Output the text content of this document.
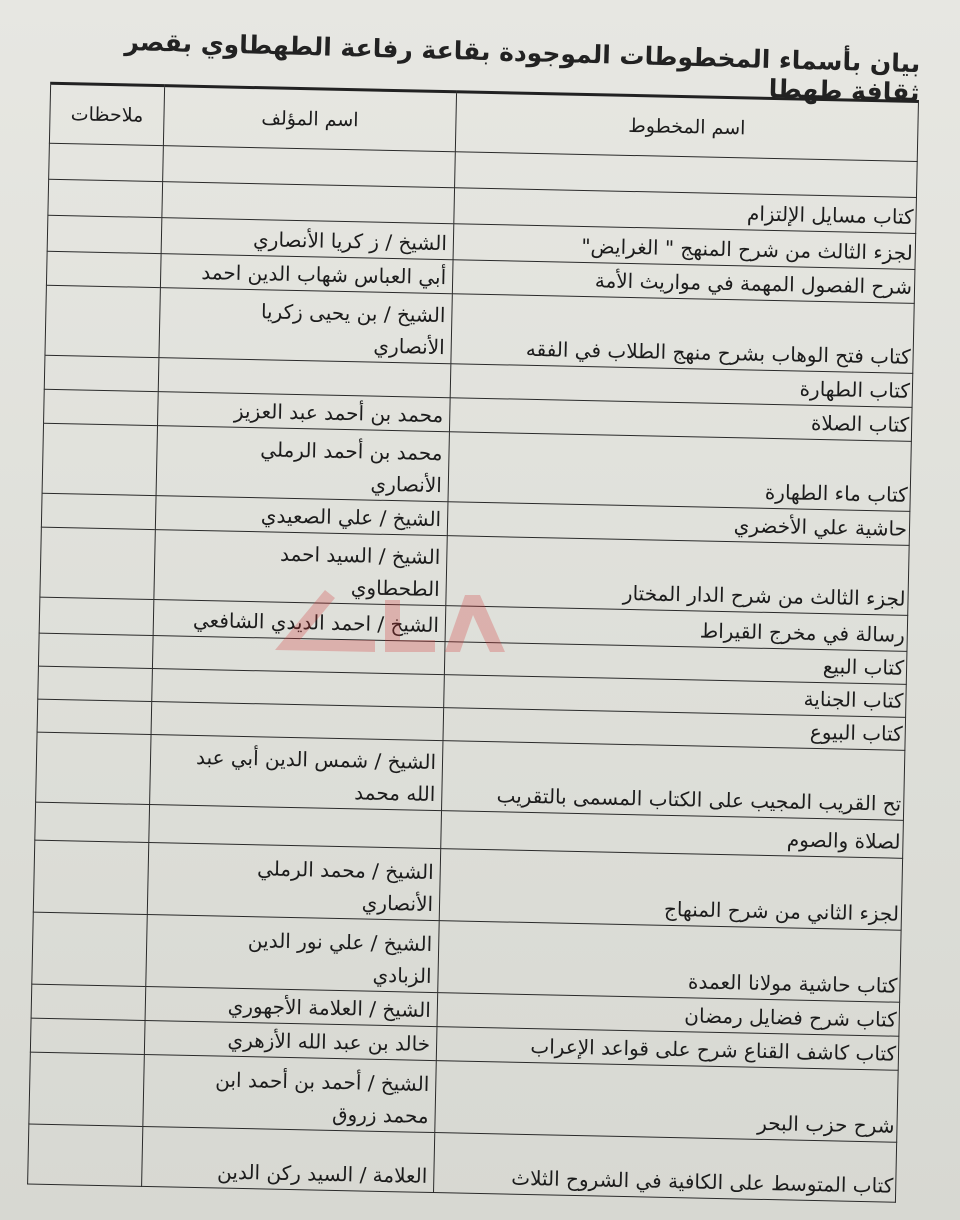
بيان بأسماء المخطوطات الموجودة بقاعة رفاعة الطهطاوي بقصر ثقافة طهطا
اسم المخطوط	اسم المؤلف	ملاحظات

كتاب مسايل الإلتزام		
لجزء الثالث من شرح المنهج " الغرايض"	الشيخ / ز كريا الأنصاري	
شرح الفصول المهمة في مواريث الأمة	أبي العباس شهاب الدين احمد	
كتاب فتح الوهاب بشرح منهج الطلاب في الفقه	الشيخ / بن يحيى زكريا
الأنصاري	
كتاب الطهارة		
كتاب الصلاة	محمد بن أحمد عبد العزيز	
كتاب ماء الطهارة	محمد بن أحمد الرملي
الأنصاري	
حاشية علي الأخضري	الشيخ / علي الصعيدي	
لجزء الثالث من شرح الدار المختار	الشيخ / السيد احمد
الطحطاوي	
رسالة في مخرج القيراط	الشيخ / احمد الديدي الشافعي	
كتاب البيع		
كتاب الجناية		
كتاب البيوع		
تح القريب المجيب على الكتاب المسمى بالتقريب	الشيخ / شمس الدين أبي عبد
الله محمد	
لصلاة والصوم		
لجزء الثاني من شرح المنهاج	الشيخ / محمد الرملي
الأنصاري	
كتاب حاشية مولانا العمدة	الشيخ / علي نور الدين
الزبادي	
كتاب شرح فضايل رمضان	الشيخ / العلامة الأجهوري	
كتاب كاشف القناع شرح على قواعد الإعراب	خالد بن عبد الله الأزهري	
شرح حزب البحر	الشيخ / أحمد بن أحمد ابن
محمد زروق	
كتاب المتوسط على الكافية في الشروح الثلاث	العلامة / السيد ركن الدين	
